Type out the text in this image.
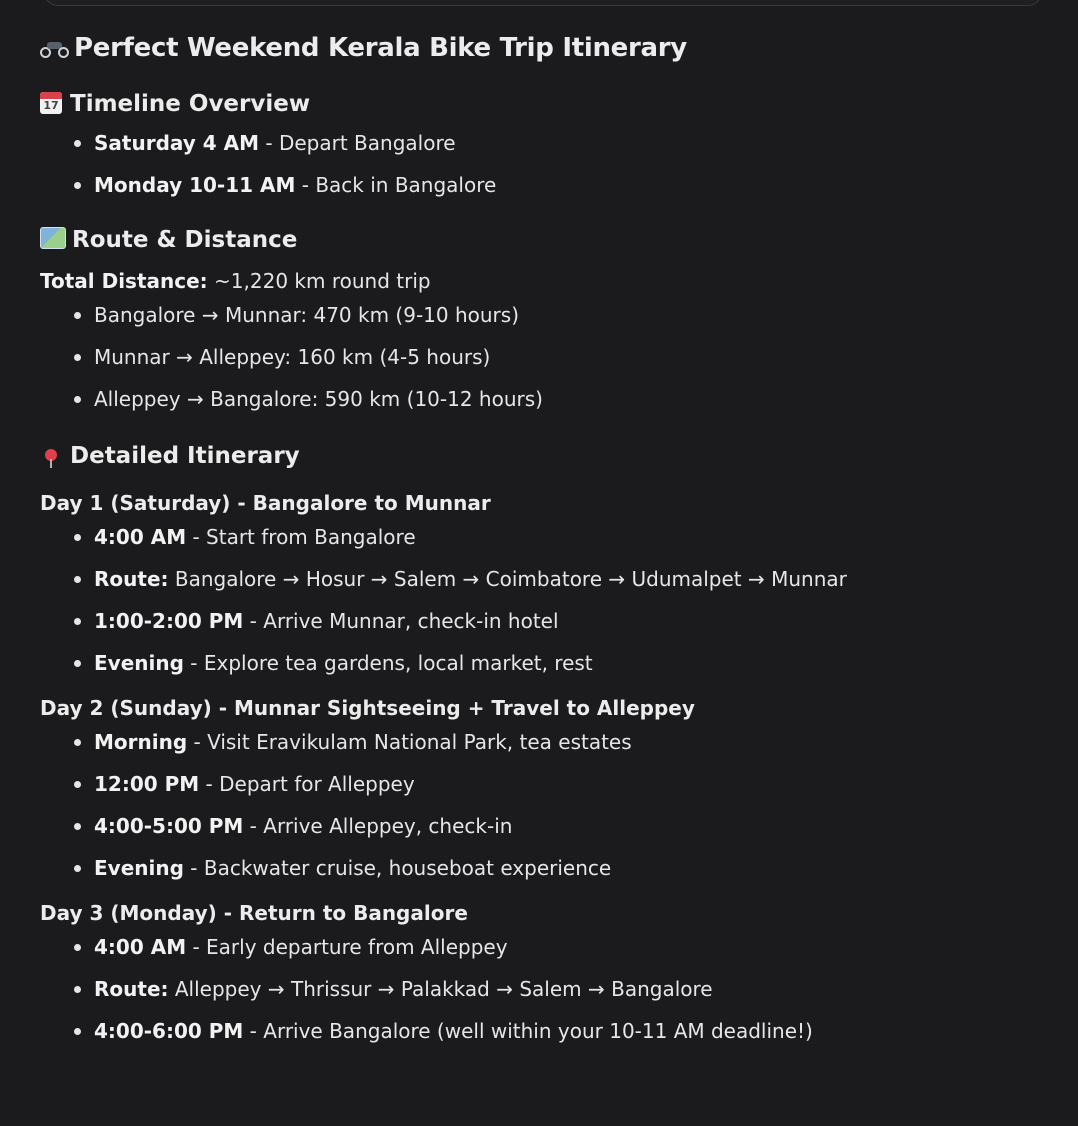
Perfect Weekend Kerala Bike Trip Itinerary
17 Timeline Overview
Saturday 4 AM - Depart Bangalore
Monday 10-11 AM - Back in Bangalore
Route & Distance

Total Distance: ~1,220 km round trip

Bangalore → Munnar: 470 km (9-10 hours)
Munnar → Alleppey: 160 km (4-5 hours)
Alleppey → Bangalore: 590 km (10-12 hours)
Detailed Itinerary

Day 1 (Saturday) - Bangalore to Munnar

4:00 AM - Start from Bangalore
Route: Bangalore → Hosur → Salem → Coimbatore → Udumalpet → Munnar
1:00-2:00 PM - Arrive Munnar, check-in hotel
Evening - Explore tea gardens, local market, rest

Day 2 (Sunday) - Munnar Sightseeing + Travel to Alleppey

Morning - Visit Eravikulam National Park, tea estates
12:00 PM - Depart for Alleppey
4:00-5:00 PM - Arrive Alleppey, check-in
Evening - Backwater cruise, houseboat experience

Day 3 (Monday) - Return to Bangalore

4:00 AM - Early departure from Alleppey
Route: Alleppey → Thrissur → Palakkad → Salem → Bangalore
4:00-6:00 PM - Arrive Bangalore (well within your 10-11 AM deadline!)
